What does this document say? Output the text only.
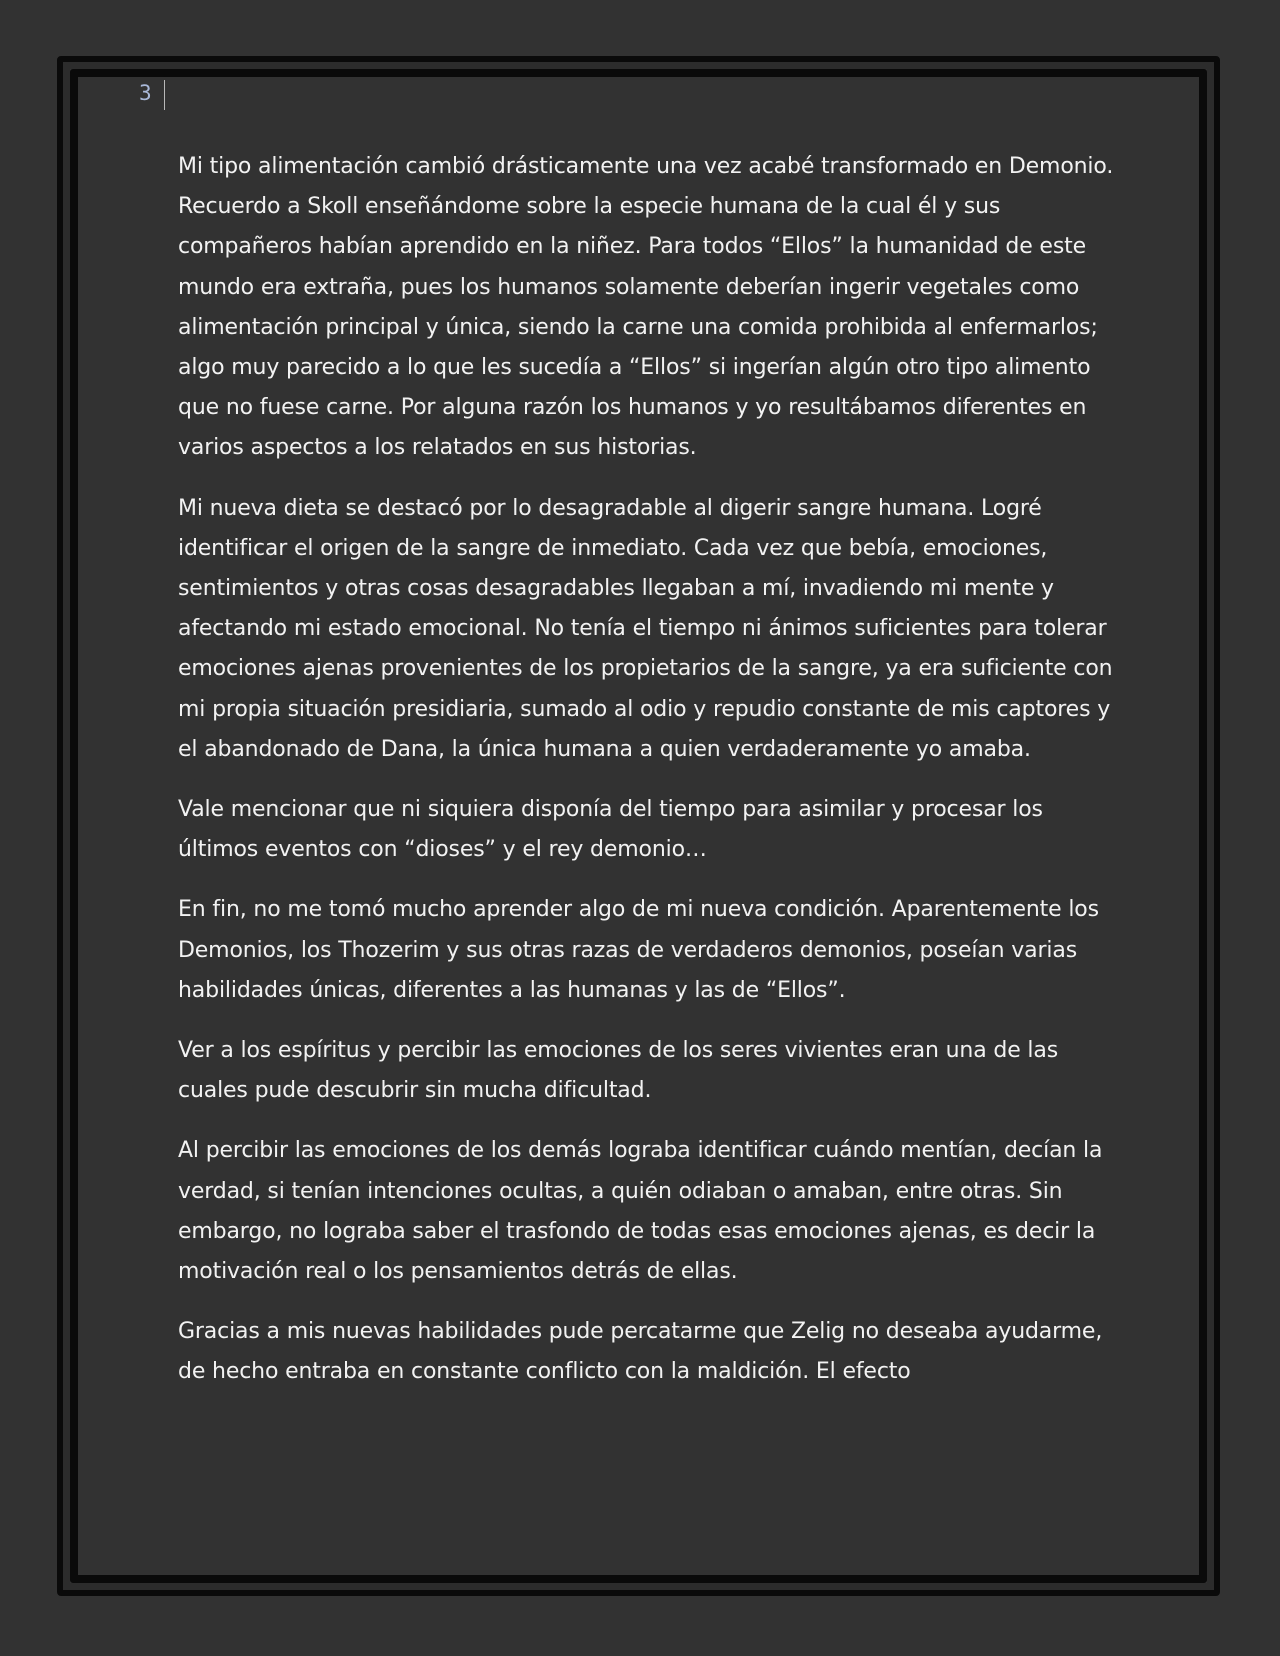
3

Mi tipo alimentación cambió drásticamente una vez acabé transformado en Demonio. Recuerdo a Skoll enseñándome sobre la especie humana de la cual él y sus compañeros habían aprendido en la niñez. Para todos “Ellos” la humanidad de este mundo era extraña, pues los humanos solamente deberían ingerir vegetales como alimentación principal y única, siendo la carne una comida prohibida al enfermarlos; algo muy parecido a lo que les sucedía a “Ellos” si ingerían algún otro tipo alimento que no fuese carne. Por alguna razón los humanos y yo resultábamos diferentes en varios aspectos a los relatados en sus historias.

Mi nueva dieta se destacó por lo desagradable al digerir sangre humana. Logré identificar el origen de la sangre de inmediato. Cada vez que bebía, emociones, sentimientos y otras cosas desagradables llegaban a mí, invadiendo mi mente y afectando mi estado emocional. No tenía el tiempo ni ánimos suficientes para tolerar emociones ajenas provenientes de los propietarios de la sangre, ya era suficiente con mi propia situación presidiaria, sumado al odio y repudio constante de mis captores y el abandonado de Dana, la única humana a quien verdaderamente yo amaba.

Vale mencionar que ni siquiera disponía del tiempo para asimilar y procesar los últimos eventos con “dioses” y el rey demonio…

En fin, no me tomó mucho aprender algo de mi nueva condición. Aparentemente los Demonios, los Thozerim y sus otras razas de verdaderos demonios, poseían varias habilidades únicas, diferentes a las humanas y las de “Ellos”.

Ver a los espíritus y percibir las emociones de los seres vivientes eran una de las cuales pude descubrir sin mucha dificultad.

Al percibir las emociones de los demás lograba identificar cuándo mentían, decían la verdad, si tenían intenciones ocultas, a quién odiaban o amaban, entre otras. Sin embargo, no lograba saber el trasfondo de todas esas emociones ajenas, es decir la motivación real o los pensamientos detrás de ellas.

Gracias a mis nuevas habilidades pude percatarme que Zelig no deseaba ayudarme, de hecho entraba en constante conflicto con la maldición. El efecto
